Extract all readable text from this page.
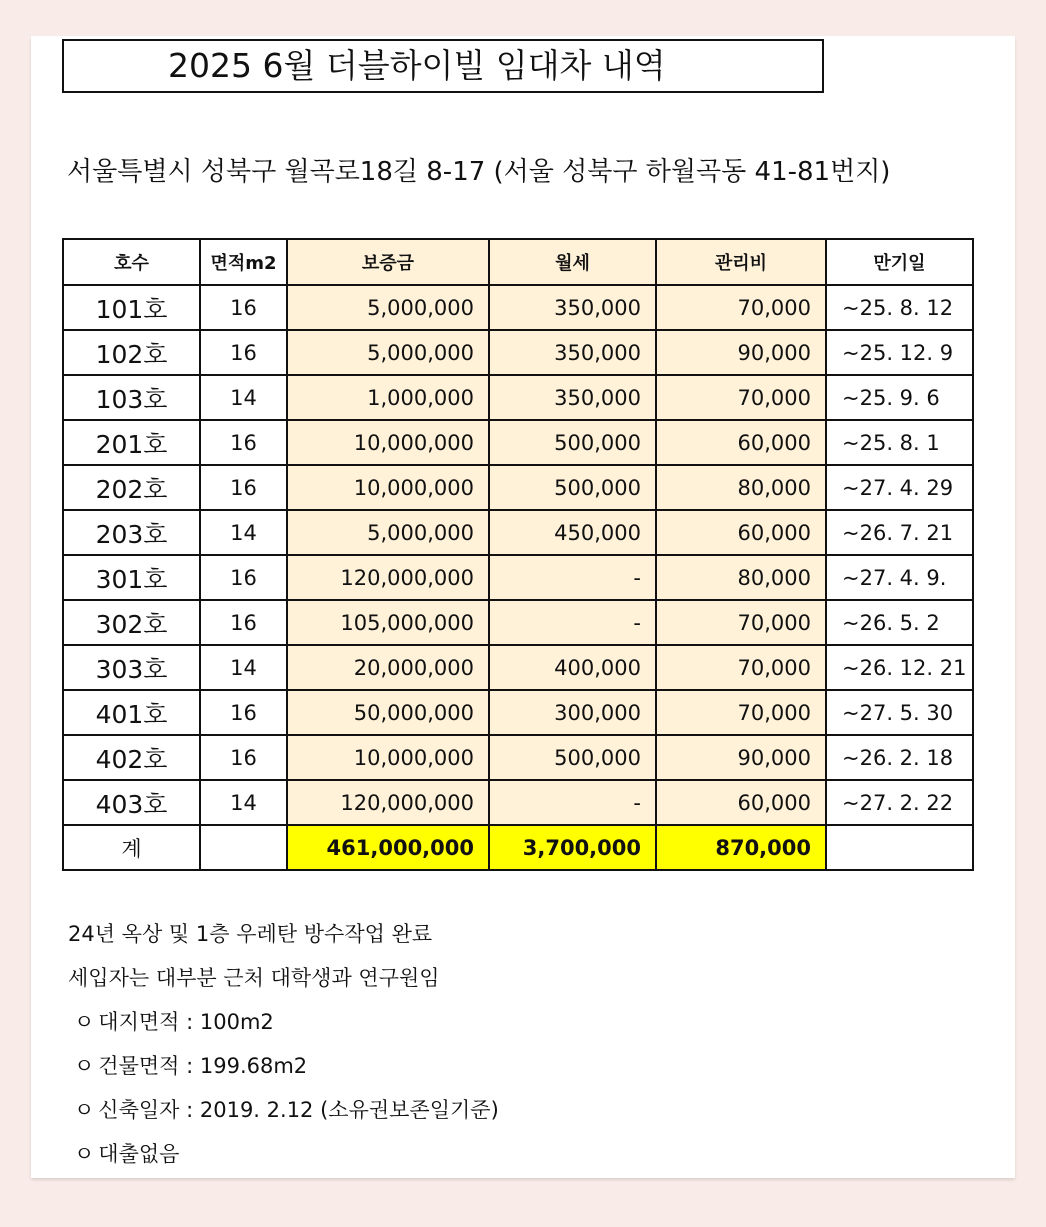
2025 6월 더블하이빌 임대차 내역
서울특별시 성북구 월곡로18길 8-17 (서울 성북구 하월곡동 41-81번지)
호수	면적m2	보증금	월세	관리비	만기일
101호	16	5,000,000	350,000	70,000	~25. 8. 12
102호	16	5,000,000	350,000	90,000	~25. 12. 9
103호	14	1,000,000	350,000	70,000	~25. 9. 6
201호	16	10,000,000	500,000	60,000	~25. 8. 1
202호	16	10,000,000	500,000	80,000	~27. 4. 29
203호	14	5,000,000	450,000	60,000	~26. 7. 21
301호	16	120,000,000	-	80,000	~27. 4. 9.
302호	16	105,000,000	-	70,000	~26. 5. 2
303호	14	20,000,000	400,000	70,000	~26. 12. 21
401호	16	50,000,000	300,000	70,000	~27. 5. 30
402호	16	10,000,000	500,000	90,000	~26. 2. 18
403호	14	120,000,000	-	60,000	~27. 2. 22
계		461,000,000	3,700,000	870,000	
24년 옥상 및 1층 우레탄 방수작업 완료
세입자는 대부분 근처 대학생과 연구원임
ㅇ 대지면적 : 100m2
ㅇ 건물면적 : 199.68m2
ㅇ 신축일자 : 2019. 2.12 (소유권보존일기준)
ㅇ 대출없음
